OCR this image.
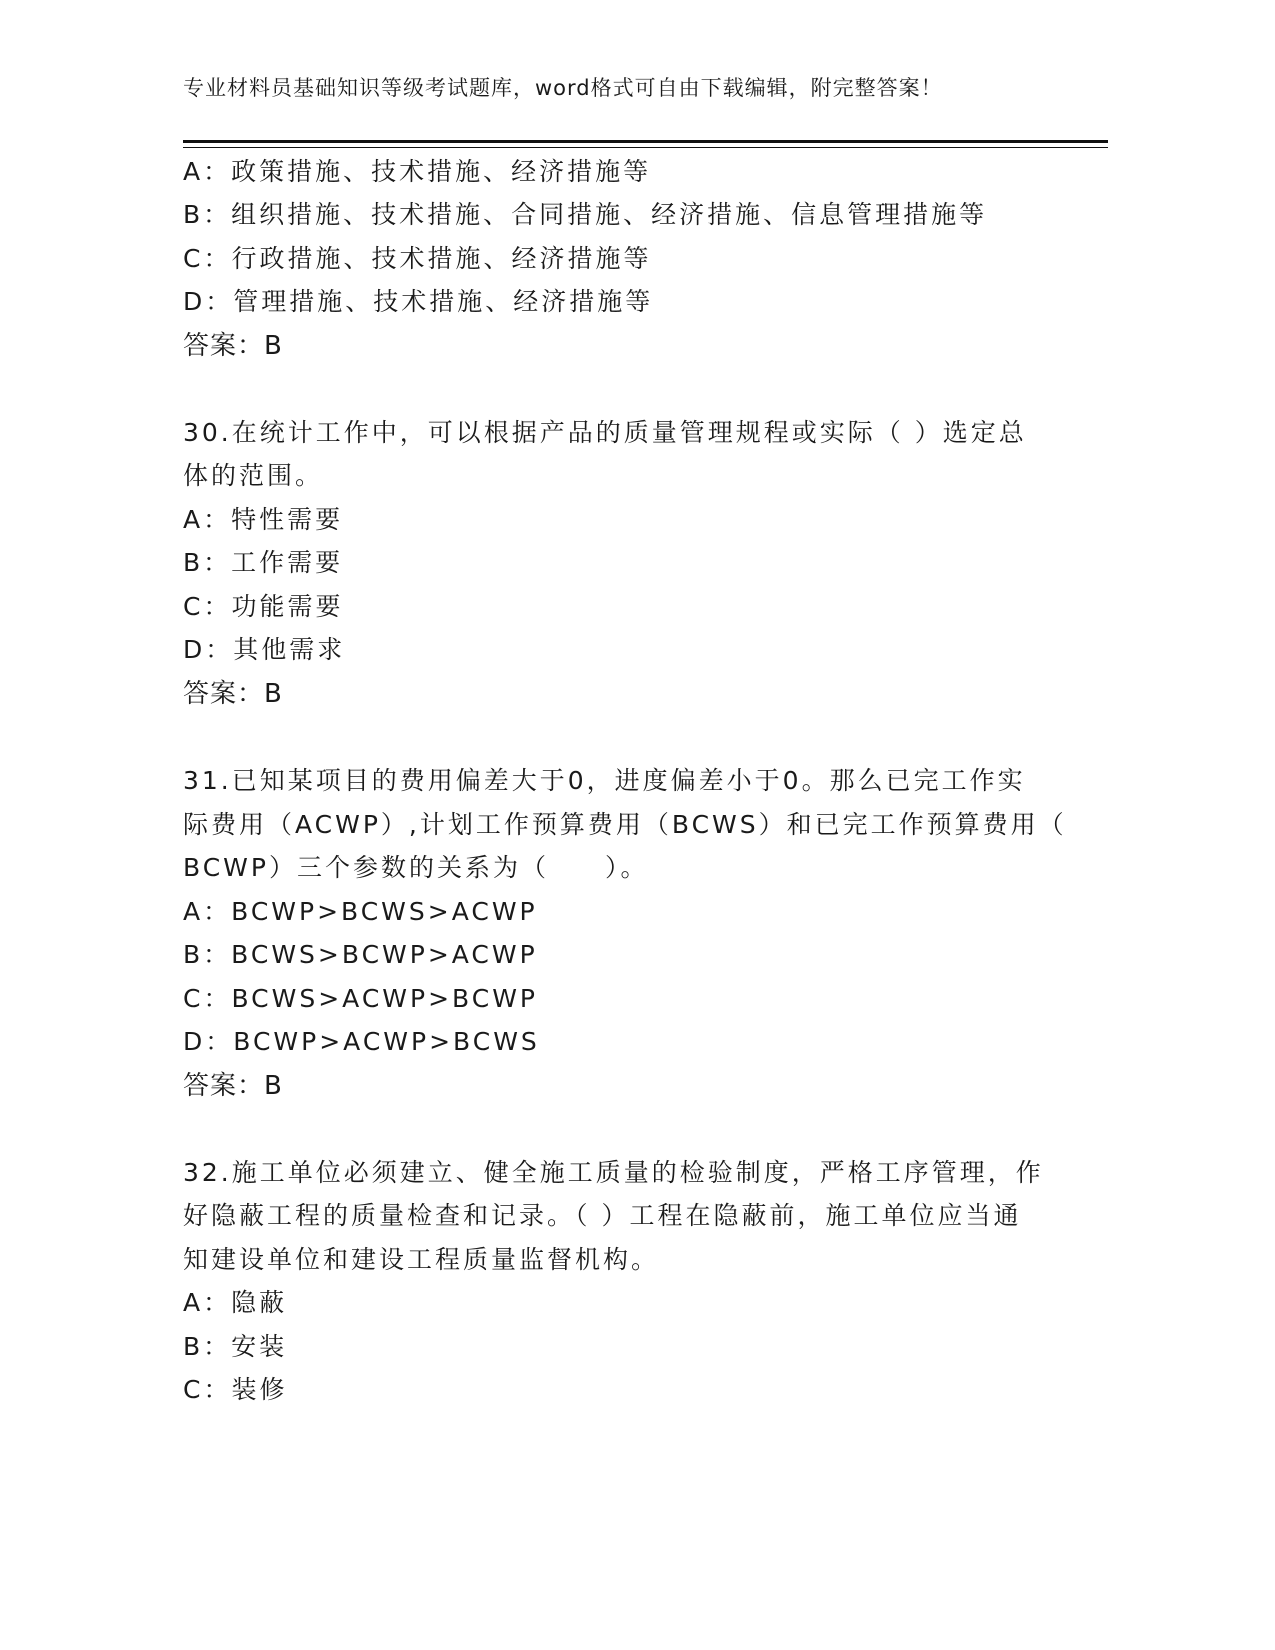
专业材料员基础知识等级考试题库，word格式可自由下载编辑，附完整答案！
A：政策措施、技术措施、经济措施等
B：组织措施、技术措施、合同措施、经济措施、信息管理措施等
C：行政措施、技术措施、经济措施等
D：管理措施、技术措施、经济措施等
答案：B
30.在统计工作中，可以根据产品的质量管理规程或实际（ ）选定总
体的范围。
A：特性需要
B：工作需要
C：功能需要
D：其他需求
答案：B
31.已知某项目的费用偏差大于0，进度偏差小于0。那么已完工作实
际费用（ACWP）,计划工作预算费用（BCWS）和已完工作预算费用（
BCWP）三个参数的关系为（　　）。
A：BCWP>BCWS>ACWP
B：BCWS>BCWP>ACWP
C：BCWS>ACWP>BCWP
D：BCWP>ACWP>BCWS
答案：B
32.施工单位必须建立、健全施工质量的检验制度，严格工序管理，作
好隐蔽工程的质量检查和记录。（ ）工程在隐蔽前，施工单位应当通
知建设单位和建设工程质量监督机构。
A：隐蔽
B：安装
C：装修
